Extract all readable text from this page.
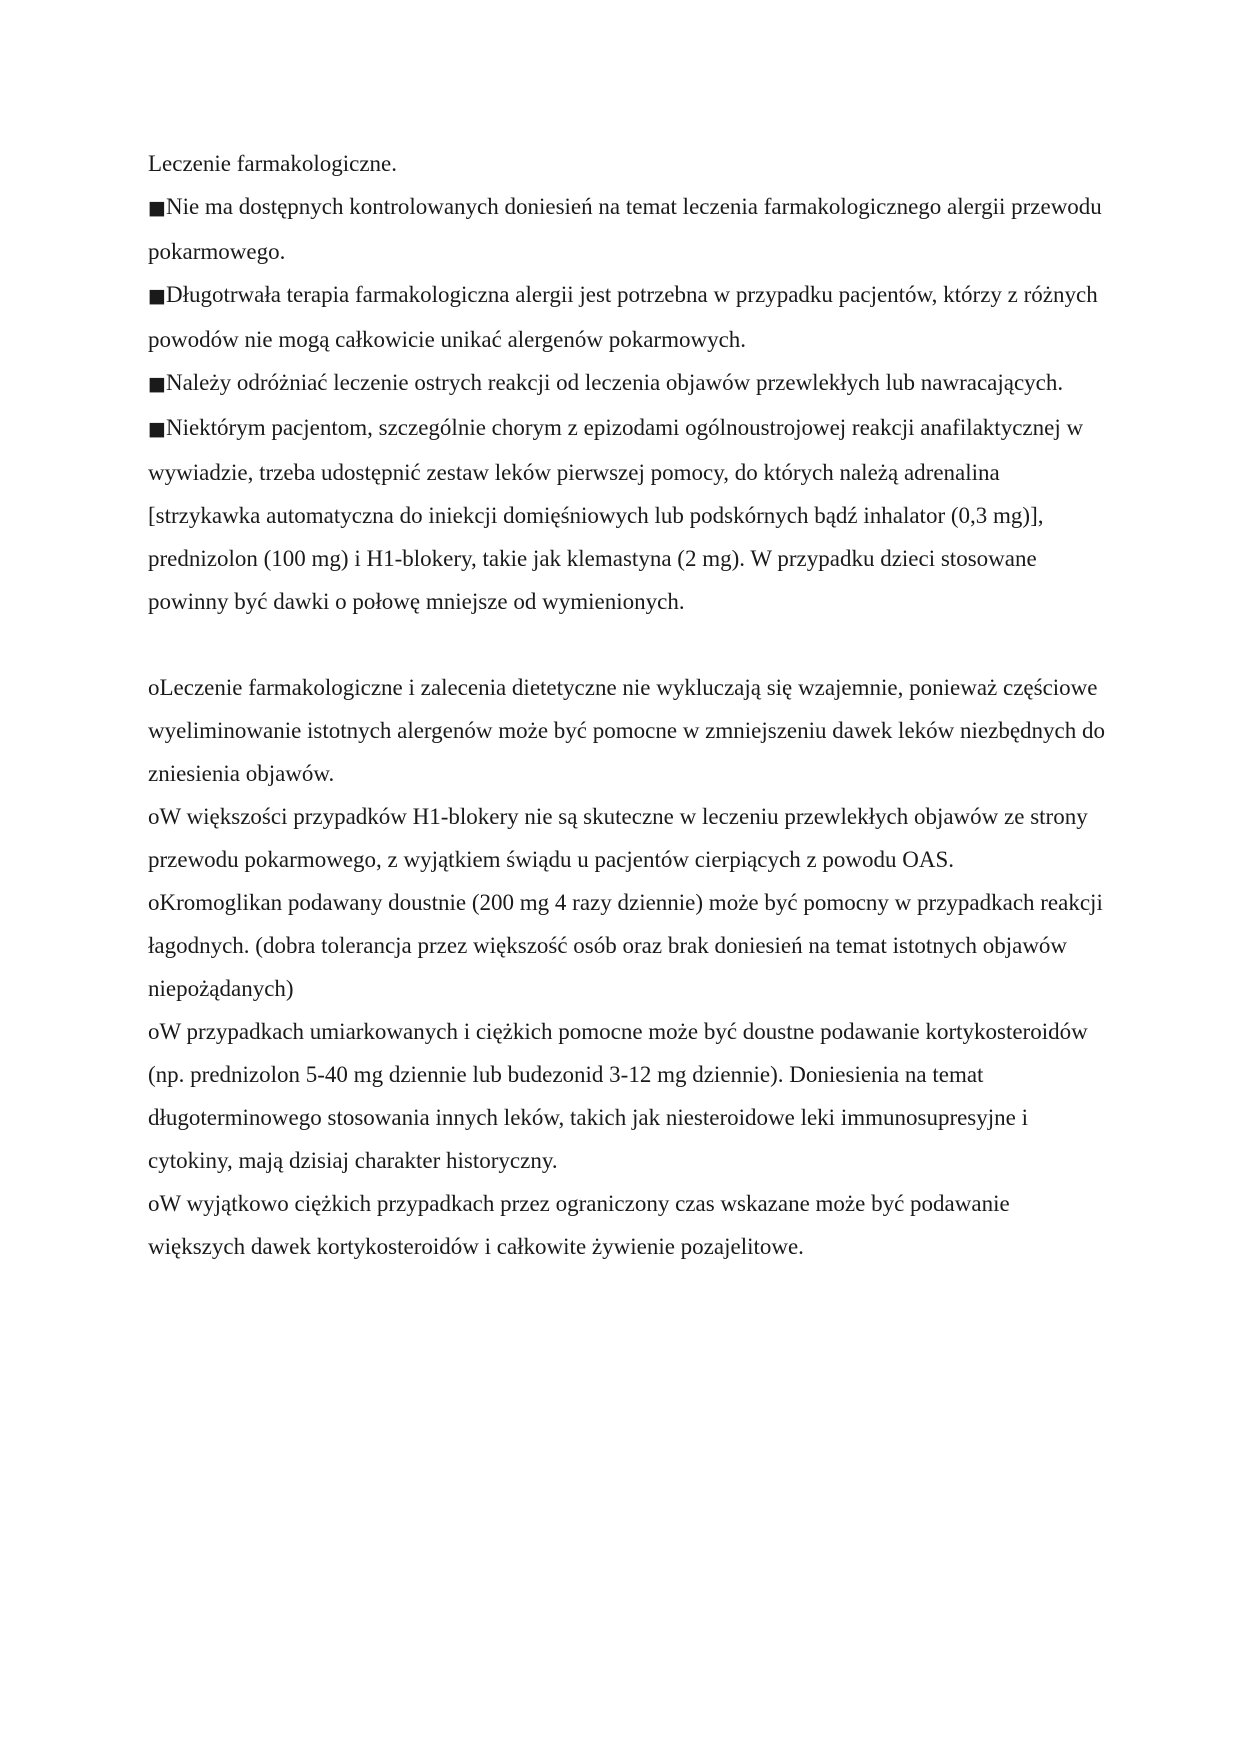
Leczenie farmakologiczne.

■Nie ma dostępnych kontrolowanych doniesień na temat leczenia farmakologicznego alergii przewodu pokarmowego.

■Długotrwała terapia farmakologiczna alergii jest potrzebna w przypadku pacjentów, którzy z różnych powodów nie mogą całkowicie unikać alergenów pokarmowych.

■Należy odróżniać leczenie ostrych reakcji od leczenia objawów przewlekłych lub nawracających.

■Niektórym pacjentom, szczególnie chorym z epizodami ogólnoustrojowej reakcji anafilaktycznej w wywiadzie, trzeba udostępnić zestaw leków pierwszej pomocy, do których należą adrenalina [strzykawka automatyczna do iniekcji domięśniowych lub podskórnych bądź inhalator (0,3 mg)], prednizolon (100 mg) i H1-blokery, takie jak klemastyna (2 mg). W przypadku dzieci stosowane powinny być dawki o połowę mniejsze od wymienionych.

oLeczenie farmakologiczne i zalecenia dietetyczne nie wykluczają się wzajemnie, ponieważ częściowe wyeliminowanie istotnych alergenów może być pomocne w zmniejszeniu dawek leków niezbędnych do zniesienia objawów.

oW większości przypadków H1-blokery nie są skuteczne w leczeniu przewlekłych objawów ze strony przewodu pokarmowego, z wyjątkiem świądu u pacjentów cierpiących z powodu OAS.

oKromoglikan podawany doustnie (200 mg 4 razy dziennie) może być pomocny w przypadkach reakcji łagodnych. (dobra tolerancja przez większość osób oraz brak doniesień na temat istotnych objawów niepożądanych)

oW przypadkach umiarkowanych i ciężkich pomocne może być doustne podawanie kortykosteroidów (np. prednizolon 5-40 mg dziennie lub budezonid 3-12 mg dziennie). Doniesienia na temat długoterminowego stosowania innych leków, takich jak niesteroidowe leki immunosupresyjne i cytokiny, mają dzisiaj charakter historyczny.

oW wyjątkowo ciężkich przypadkach przez ograniczony czas wskazane może być podawanie większych dawek kortykosteroidów i całkowite żywienie pozajelitowe.
